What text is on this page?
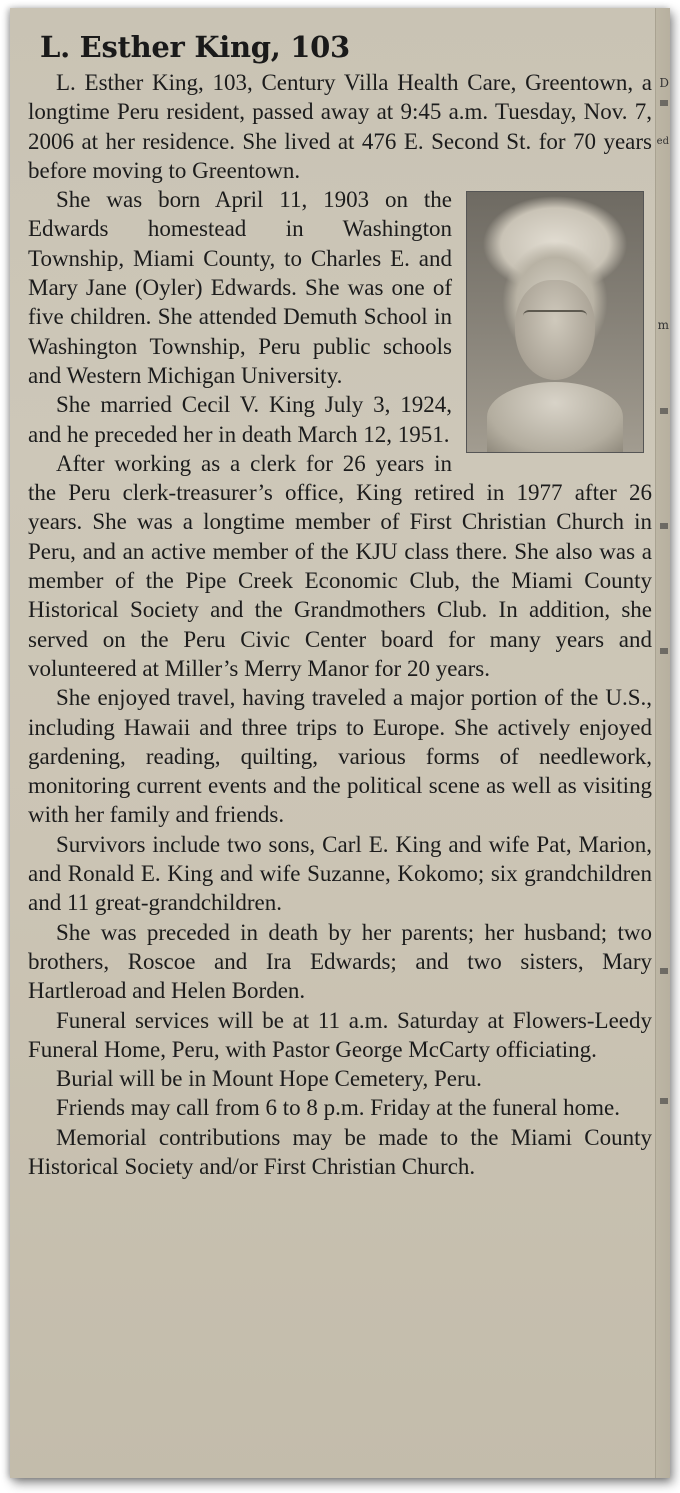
D
ed
m
L. Esther King, 103

L. Esther King, 103, Century Villa Health Care, Greentown, a longtime Peru resident, passed away at 9:45 a.m. Tuesday, Nov. 7, 2006 at her residence. She lived at 476 E. Second St. for 70 years before moving to Greentown.

She was born April 11, 1903 on the Edwards homestead in Washington Township, Miami County, to Charles E. and Mary Jane (Oyler) Edwards. She was one of five children. She attended Demuth School in Washington Township, Peru public schools and Western Michigan University.

She married Cecil V. King July 3, 1924, and he preceded her in death March 12, 1951.

After working as a clerk for 26 years in the Peru clerk-treasurer’s office, King retired in 1977 after 26 years. She was a longtime member of First Christian Church in Peru, and an active member of the KJU class there. She also was a member of the Pipe Creek Economic Club, the Miami County Historical Society and the Grandmothers Club. In addition, she served on the Peru Civic Center board for many years and volunteered at Miller’s Merry Manor for 20 years.

She enjoyed travel, having traveled a major portion of the U.S., including Hawaii and three trips to Europe. She actively enjoyed gardening, reading, quilting, various forms of needlework, monitoring current events and the political scene as well as visiting with her family and friends.

Survivors include two sons, Carl E. King and wife Pat, Marion, and Ronald E. King and wife Suzanne, Kokomo; six grandchildren and 11 great-grandchildren.

She was preceded in death by her parents; her husband; two brothers, Roscoe and Ira Edwards; and two sisters, Mary Hartleroad and Helen Borden.

Funeral services will be at 11 a.m. Saturday at Flowers-Leedy Funeral Home, Peru, with Pastor George McCarty officiating.

Burial will be in Mount Hope Cemetery, Peru.

Friends may call from 6 to 8 p.m. Friday at the funeral home.

Memorial contributions may be made to the Miami County Historical Society and/or First Christian Church.
